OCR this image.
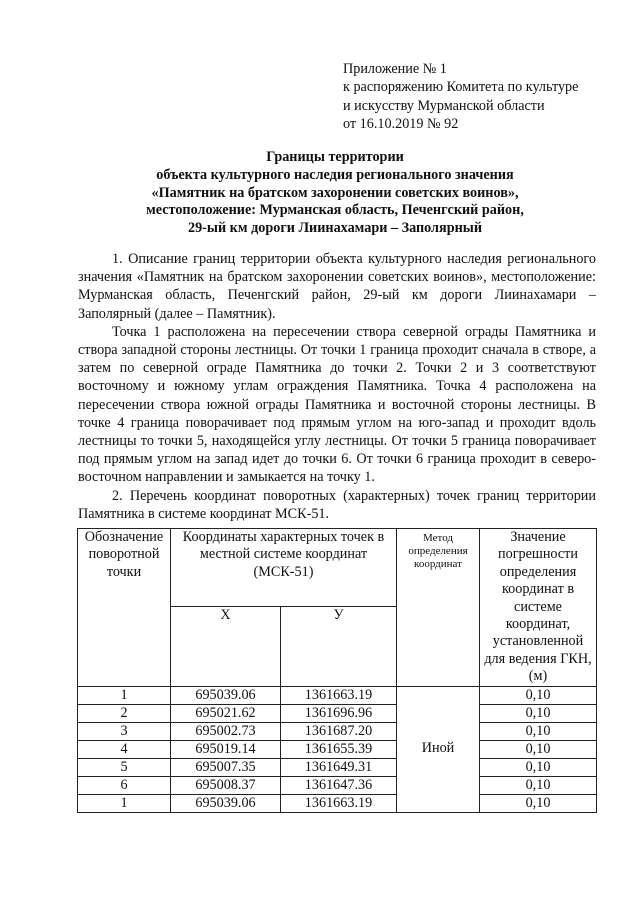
Приложение № 1
к распоряжению Комитета по культуре
и искусству Мурманской области
от 16.10.2019 № 92
Границы территории
объекта культурного наследия регионального значения
«Памятник на братском захоронении советских воинов»,
местоположение: Мурманская область, Печенгский район,
29-ый км дороги Лиинахамари – Заполярный

1. Описание границ территории объекта культурного наследия регионального значения «Памятник на братском захоронении советских воинов», местоположение: Мурманская область, Печенгский район, 29-ый км дороги Лиинахамари – Заполярный (далее – Памятник).

Точка 1 расположена на пересечении створа северной ограды Памятника и створа западной стороны лестницы. От точки 1 граница проходит сначала в створе, а затем по северной ограде Памятника до точки 2. Точки 2 и 3 соответствуют восточному и южному углам ограждения Памятника. Точка 4 расположена на пересечении створа южной ограды Памятника и восточной стороны лестницы. В точке 4 граница поворачивает под прямым углом на юго-запад и проходит вдоль лестницы то точки 5, находящейся углу лестницы. От точки 5 граница поворачивает под прямым углом на запад идет до точки 6. От точки 6 граница проходит в северо-восточном направлении и замыкается на точку 1.

2. Перечень координат поворотных (характерных) точек границ территории Памятника в системе координат МСК-51.

Обозначение поворотной точки	Координаты характерных точек в местной системе координат (МСК-51)		Метод определения координат	Значение погрешности определения координат в системе координат, установленной для ведения ГКН, (м)
	Х	У		
1	695039.06	1361663.19	Иной	0,10
2	695021.62	1361696.96		0,10
3	695002.73	1361687.20		0,10
4	695019.14	1361655.39		0,10
5	695007.35	1361649.31		0,10
6	695008.37	1361647.36		0,10
1	695039.06	1361663.19		0,10
